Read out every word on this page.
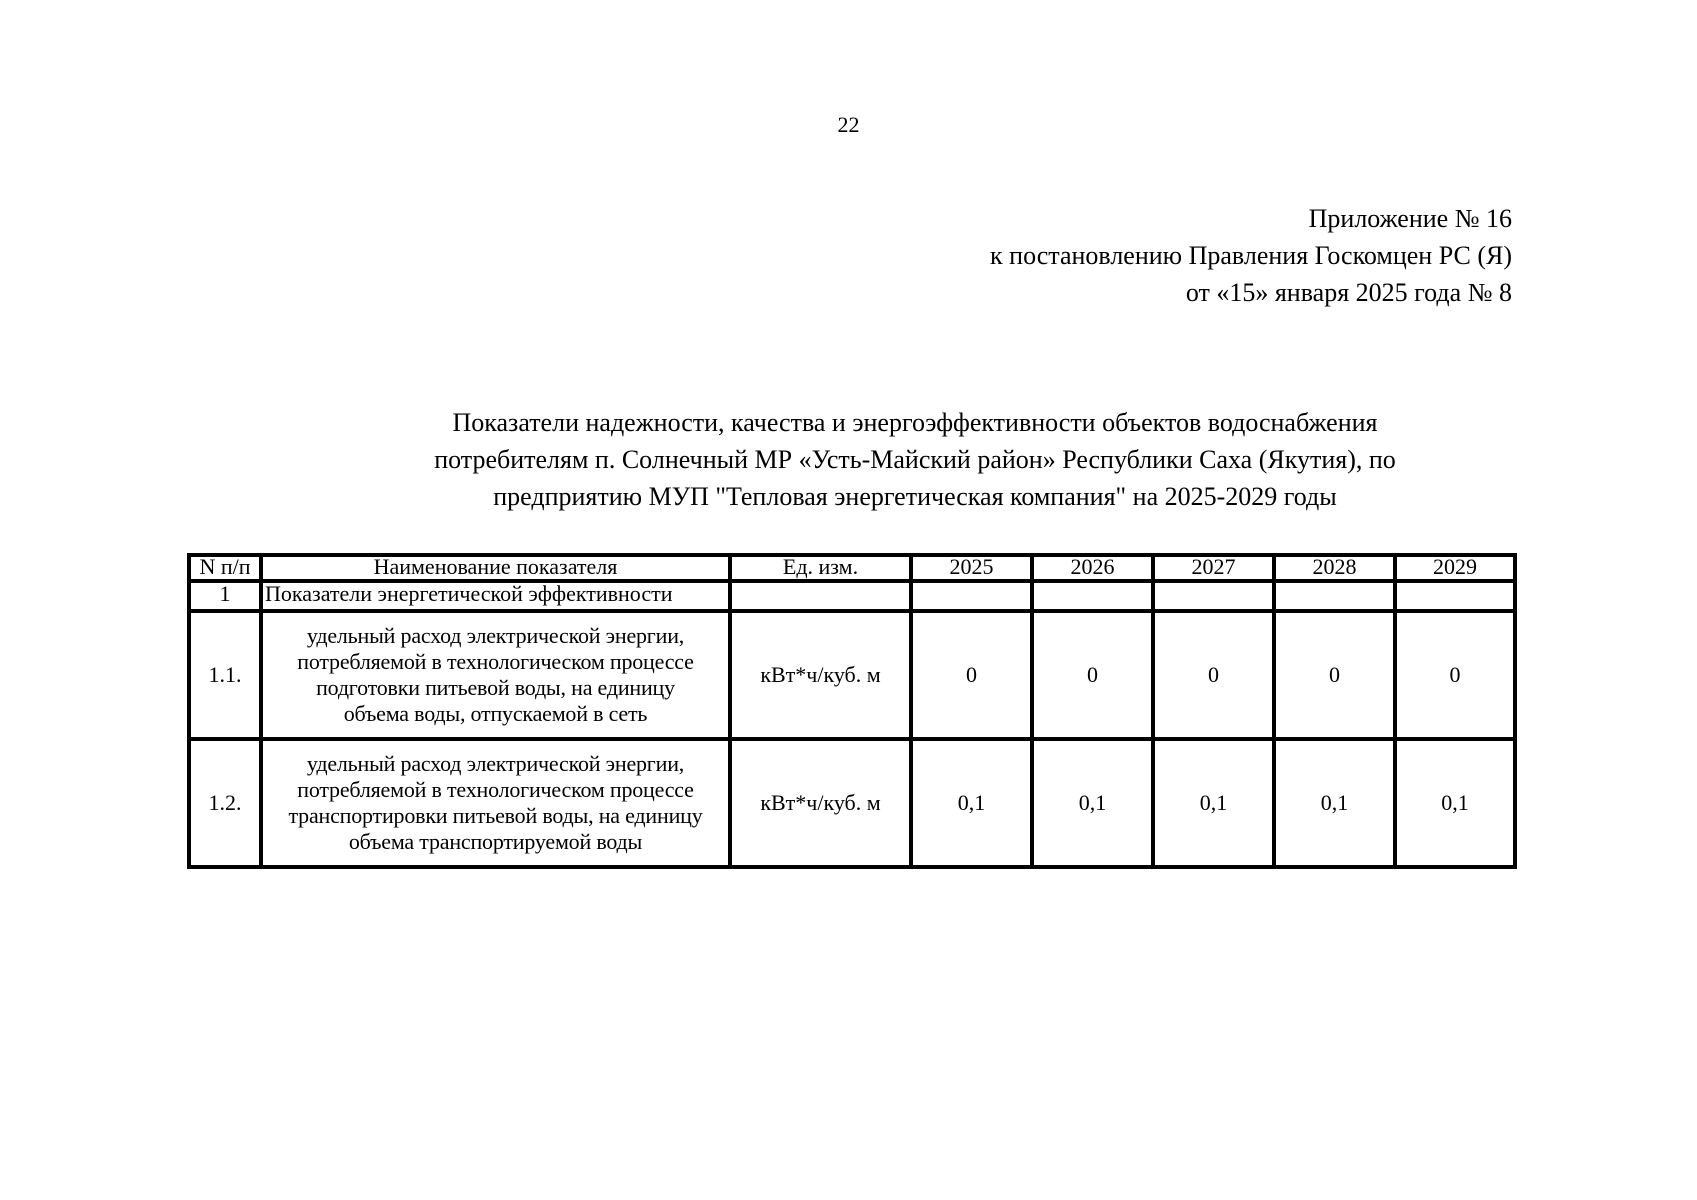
22
Приложение № 16
к постановлению Правления Госкомцен РС (Я)
от «15» января 2025 года № 8
Показатели надежности, качества и энергоэффективности объектов водоснабжения
потребителям п. Солнечный МР «Усть-Майский район» Республики Саха (Якутия), по
предприятию МУП "Тепловая энергетическая компания" на 2025-2029 годы
N п/п	Наименование показателя	Ед. изм.	2025	2026	2027	2028	2029
1	Показатели энергетической эффективности						
1.1.	удельный расход электрической энергии,
потребляемой в технологическом процессе
подготовки питьевой воды, на единицу
объема воды, отпускаемой в сеть	кВт*ч/куб. м	0	0	0	0	0
1.2.	удельный расход электрической энергии,
потребляемой в технологическом процессе
транспортировки питьевой воды, на единицу
объема транспортируемой воды	кВт*ч/куб. м	0,1	0,1	0,1	0,1	0,1
